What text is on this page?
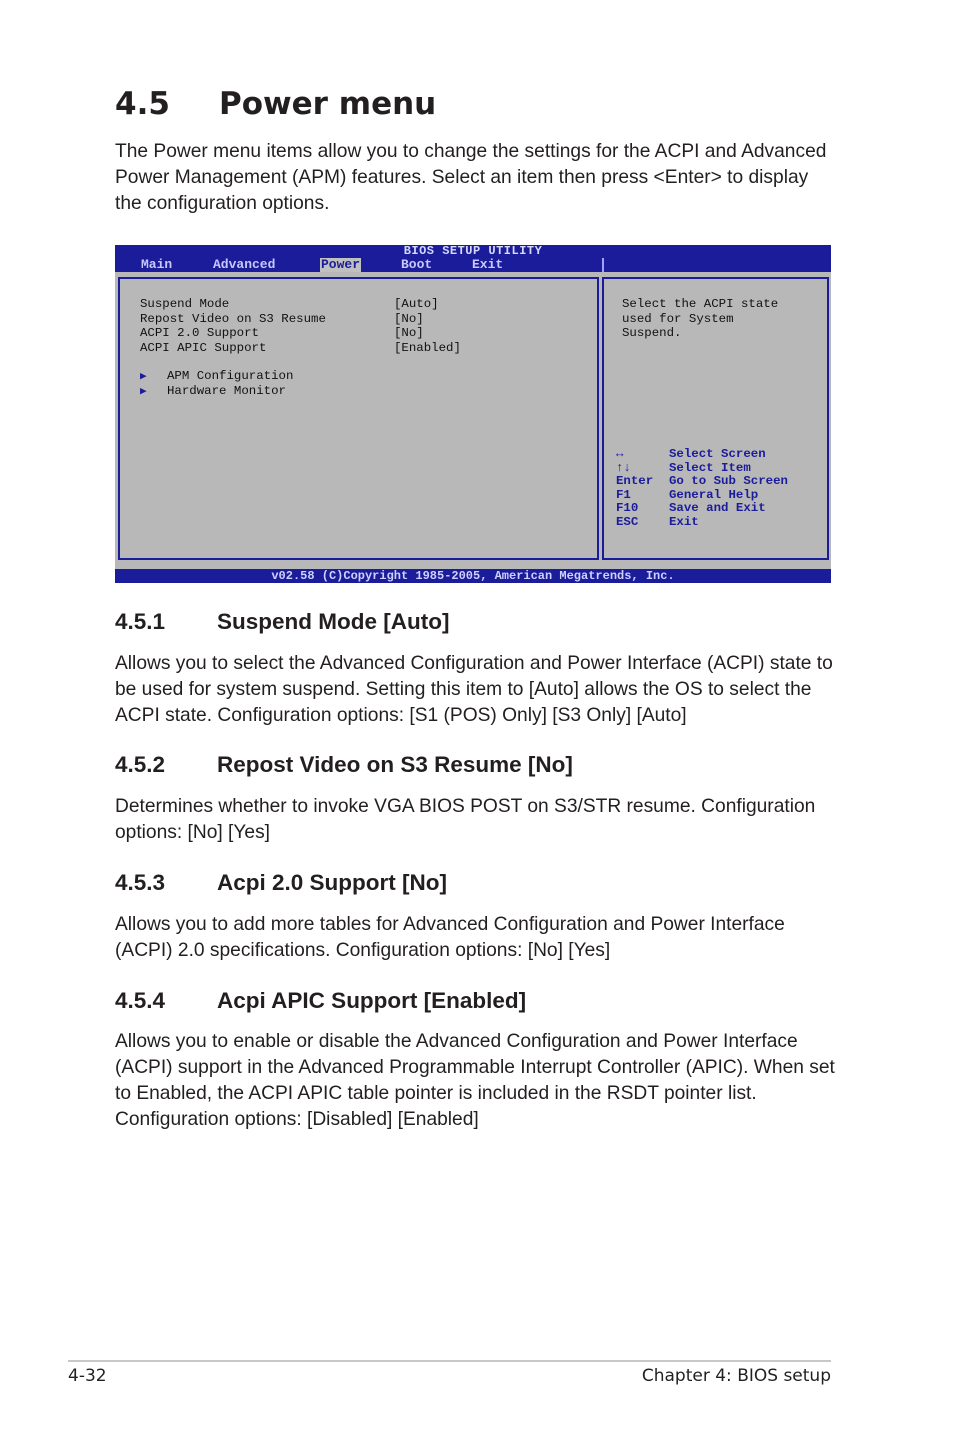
4.5 Power menu
The Power menu items allow you to change the settings for the ACPI and Advanced Power Management (APM) features. Select an item then press <Enter> to display the configuration options.
BIOS SETUP UTILITY
Main	Advanced	Power	Boot	Exit
Suspend Mode	[Auto]
Repost Video on S3 Resume	[No]
ACPI 2.0 Support	[No]
ACPI APIC Support	[Enabled]
▶ APM Configuration
▶ Hardware Monitor
Select the ACPI state
used for System
Suspend.
↔	Select Screen
↑↓	Select Item
Enter Go to Sub Screen
F1	General Help
F10 Save and Exit
ESC Exit
v02.58 (C)Copyright 1985-2005, American Megatrends, Inc.
4.5.1 Suspend Mode [Auto]
Allows you to select the Advanced Configuration and Power Interface (ACPI) state to be used for system suspend. Setting this item to [Auto] allows the OS to select the ACPI state. Configuration options: [S1 (POS) Only] [S3 Only] [Auto]
4.5.2 Repost Video on S3 Resume [No]
Determines whether to invoke VGA BIOS POST on S3/STR resume. Configuration options: [No] [Yes]
4.5.3 Acpi 2.0 Support [No]
Allows you to add more tables for Advanced Configuration and Power Interface (ACPI) 2.0 specifications. Configuration options: [No] [Yes]
4.5.4 Acpi APIC Support [Enabled]
Allows you to enable or disable the Advanced Configuration and Power Interface (ACPI) support in the Advanced Programmable Interrupt Controller (APIC). When set to Enabled, the ACPI APIC table pointer is included in the RSDT pointer list. Configuration options: [Disabled] [Enabled]
4-32	Chapter 4: BIOS setup
